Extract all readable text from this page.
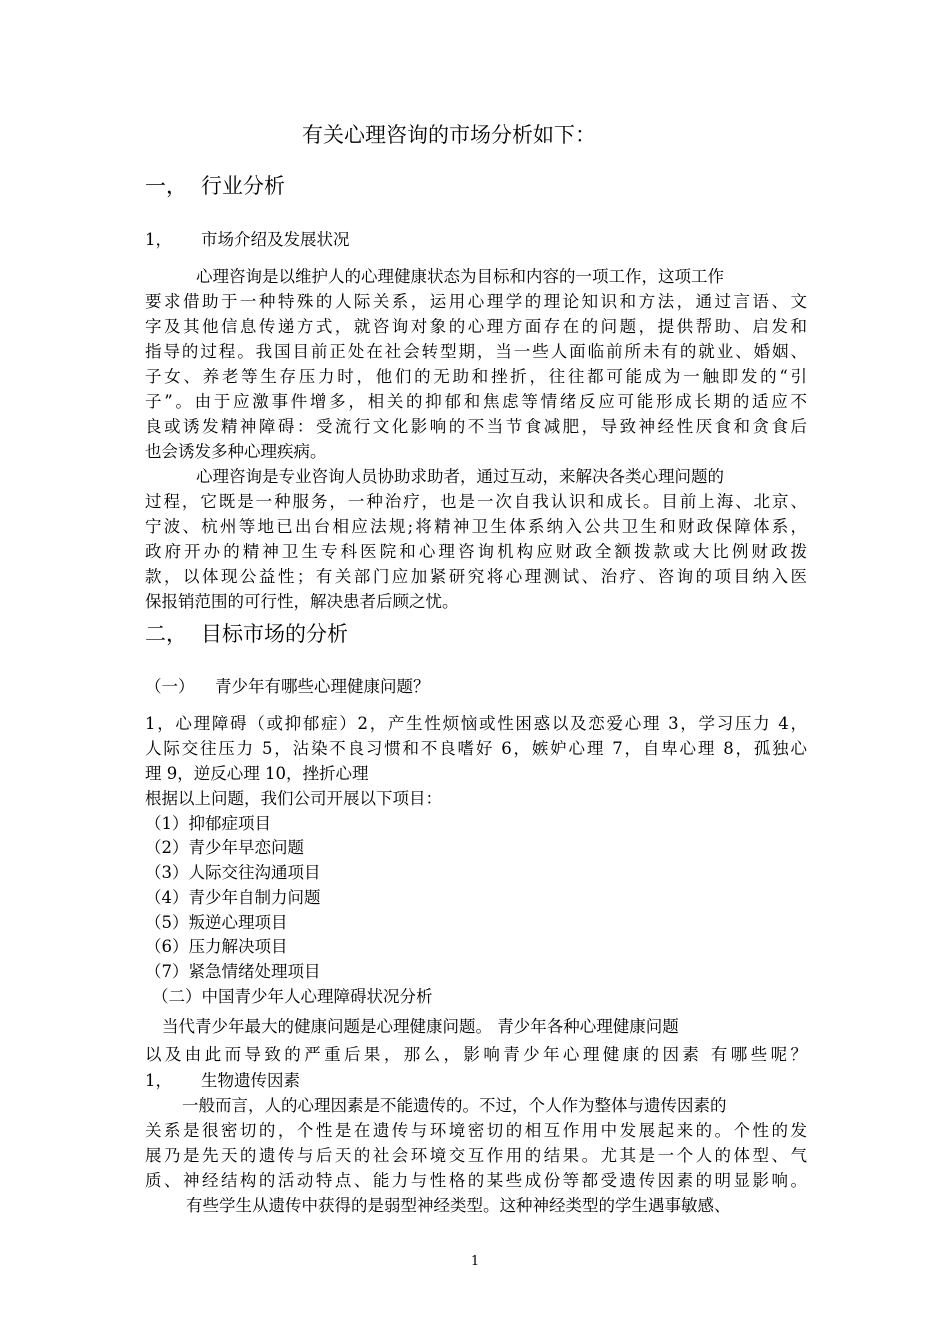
有关心理咨询的市场分析如下：
一， 行业分析
1， 市场介绍及发展状况
心理咨询是以维护人的心理健康状态为目标和内容的一项工作，这项工作
要求借助于一种特殊的人际关系，运用心理学的理论知识和方法，通过言语、文
字及其他信息传递方式，就咨询对象的心理方面存在的问题，提供帮助、启发和
指导的过程。我国目前正处在社会转型期，当一些人面临前所未有的就业、婚姻、
子女、养老等生存压力时，他们的无助和挫折，往往都可能成为一触即发的“引
子”。由于应激事件增多，相关的抑郁和焦虑等情绪反应可能形成长期的适应不
良或诱发精神障碍：受流行文化影响的不当节食减肥，导致神经性厌食和贪食后
也会诱发多种心理疾病。
心理咨询是专业咨询人员协助求助者，通过互动，来解决各类心理问题的
过程，它既是一种服务，一种治疗，也是一次自我认识和成长。目前上海、北京、
宁波、杭州等地已出台相应法规;将精神卫生体系纳入公共卫生和财政保障体系，
政府开办的精神卫生专科医院和心理咨询机构应财政全额拨款或大比例财政拨
款，以体现公益性；有关部门应加紧研究将心理测试、治疗、咨询的项目纳入医
保报销范围的可行性，解决患者后顾之忧。
二， 目标市场的分析
（一） 青少年有哪些心理健康问题？
1，心理障碍（或抑郁症）2，产生性烦恼或性困惑以及恋爱心理 3，学习压力 4，
人际交往压力 5，沾染不良习惯和不良嗜好 6，嫉妒心理 7，自卑心理 8，孤独心
理 9，逆反心理 10，挫折心理
根据以上问题，我们公司开展以下项目：
（1）抑郁症项目
（2）青少年早恋问题
（3）人际交往沟通项目
（4）青少年自制力问题
（5）叛逆心理项目
（6）压力解决项目
（7）紧急情绪处理项目
（二）中国青少年人心理障碍状况分析
当代青少年最大的健康问题是心理健康问题。 青少年各种心理健康问题
以及由此而导致的严重后果，那么，影响青少年心理健康的因素 有哪些呢？
1， 生物遗传因素
一般而言，人的心理因素是不能遗传的。不过，个人作为整体与遗传因素的
关系是很密切的，个性是在遗传与环境密切的相互作用中发展起来的。个性的发
展乃是先天的遗传与后天的社会环境交互作用的结果。尤其是一个人的体型、气
质、神经结构的活动特点、能力与性格的某些成份等都受遗传因素的明显影响。
有些学生从遗传中获得的是弱型神经类型。这种神经类型的学生遇事敏感、
1
